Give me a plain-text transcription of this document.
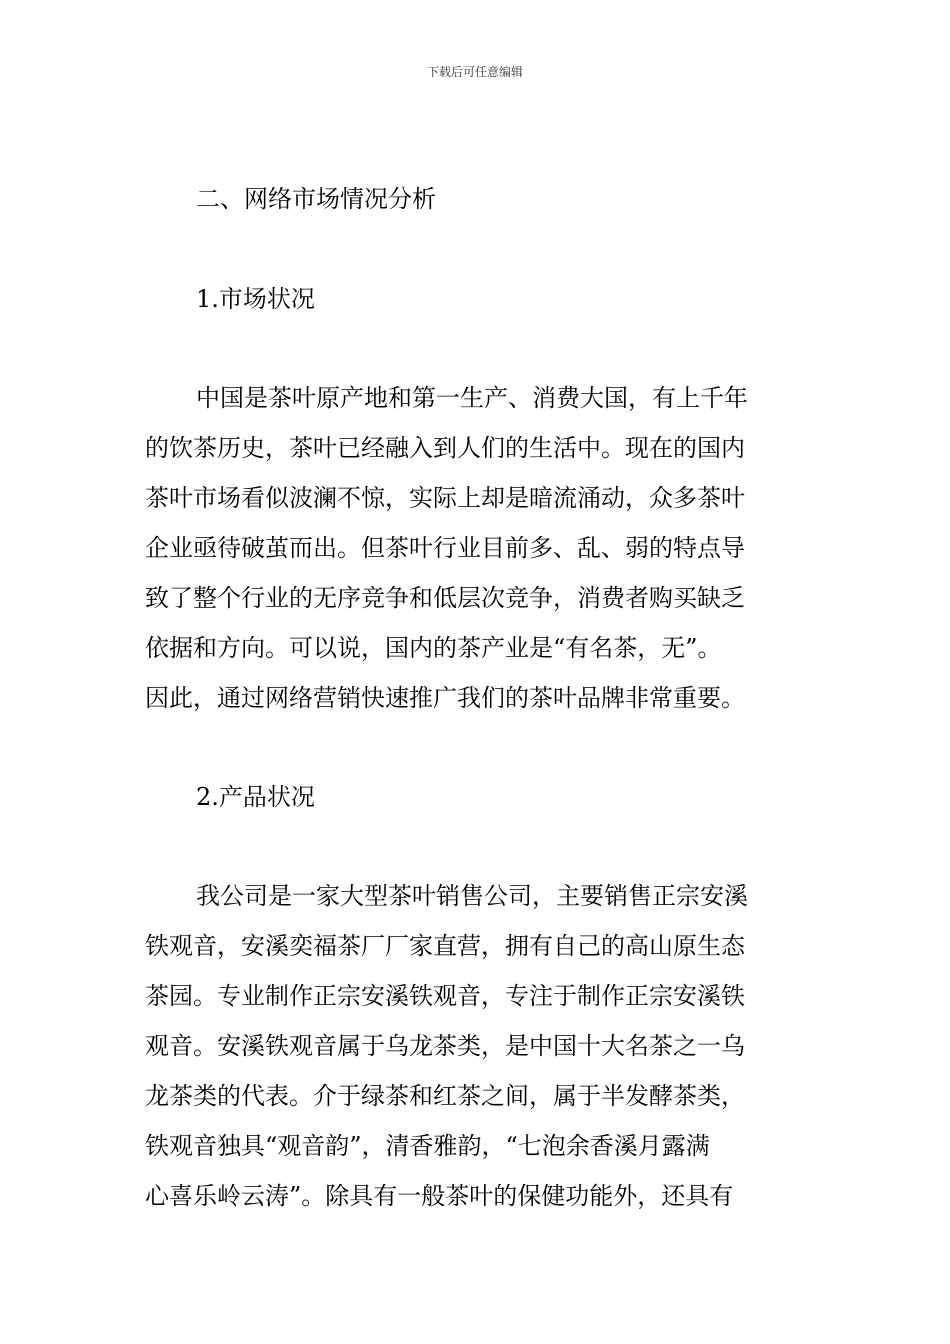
下载后可任意编辑
二、网络市场情况分析
1.市场状况
中国是茶叶原产地和第一生产、消费大国，有上千年
的饮茶历史，茶叶已经融入到人们的生活中。现在的国内
茶叶市场看似波澜不惊，实际上却是暗流涌动，众多茶叶
企业亟待破茧而出。但茶叶行业目前多、乱、弱的特点导
致了整个行业的无序竞争和低层次竞争，消费者购买缺乏
依据和方向。可以说，国内的茶产业是“有名茶，无”。
因此，通过网络营销快速推广我们的茶叶品牌非常重要。
2.产品状况
我公司是一家大型茶叶销售公司，主要销售正宗安溪
铁观音，安溪奕福茶厂厂家直营，拥有自己的高山原生态
茶园。专业制作正宗安溪铁观音，专注于制作正宗安溪铁
观音。安溪铁观音属于乌龙茶类，是中国十大名茶之一乌
龙茶类的代表。介于绿茶和红茶之间，属于半发酵茶类，
铁观音独具“观音韵”，清香雅韵，“七泡余香溪月露满
心喜乐岭云涛”。除具有一般茶叶的保健功能外，还具有
